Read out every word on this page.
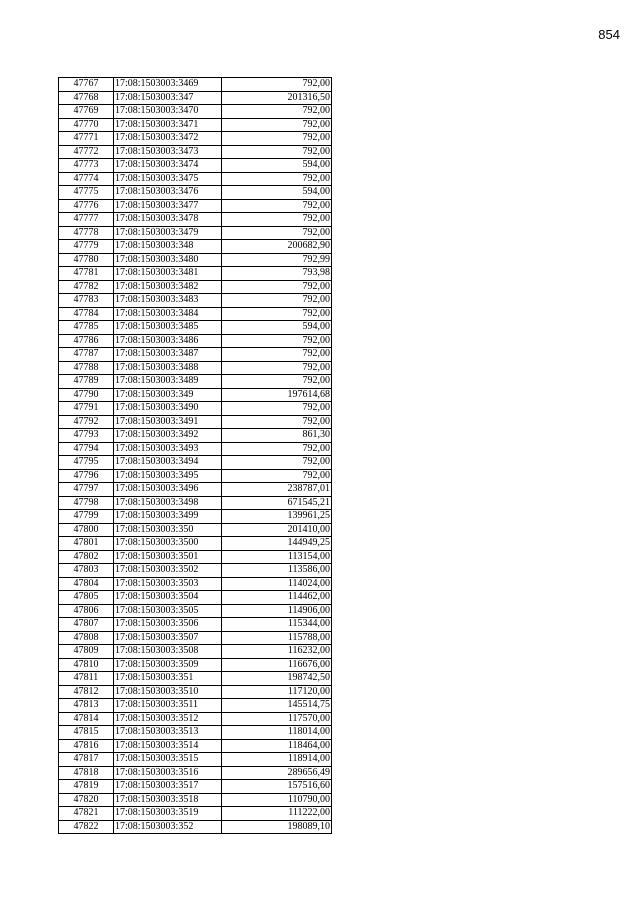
854
47767	17:08:1503003:3469	792,00
47768	17:08:1503003:347	201316,50
47769	17:08:1503003:3470	792,00
47770	17:08:1503003:3471	792,00
47771	17:08:1503003:3472	792,00
47772	17:08:1503003:3473	792,00
47773	17:08:1503003:3474	594,00
47774	17:08:1503003:3475	792,00
47775	17:08:1503003:3476	594,00
47776	17:08:1503003:3477	792,00
47777	17:08:1503003:3478	792,00
47778	17:08:1503003:3479	792,00
47779	17:08:1503003:348	200682,90
47780	17:08:1503003:3480	792,99
47781	17:08:1503003:3481	793,98
47782	17:08:1503003:3482	792,00
47783	17:08:1503003:3483	792,00
47784	17:08:1503003:3484	792,00
47785	17:08:1503003:3485	594,00
47786	17:08:1503003:3486	792,00
47787	17:08:1503003:3487	792,00
47788	17:08:1503003:3488	792,00
47789	17:08:1503003:3489	792,00
47790	17:08:1503003:349	197614,68
47791	17:08:1503003:3490	792,00
47792	17:08:1503003:3491	792,00
47793	17:08:1503003:3492	861,30
47794	17:08:1503003:3493	792,00
47795	17:08:1503003:3494	792,00
47796	17:08:1503003:3495	792,00
47797	17:08:1503003:3496	238787,01
47798	17:08:1503003:3498	671545,21
47799	17:08:1503003:3499	139961,25
47800	17:08:1503003:350	201410,00
47801	17:08:1503003:3500	144949,25
47802	17:08:1503003:3501	113154,00
47803	17:08:1503003:3502	113586,00
47804	17:08:1503003:3503	114024,00
47805	17:08:1503003:3504	114462,00
47806	17:08:1503003:3505	114906,00
47807	17:08:1503003:3506	115344,00
47808	17:08:1503003:3507	115788,00
47809	17:08:1503003:3508	116232,00
47810	17:08:1503003:3509	116676,00
47811	17:08:1503003:351	198742,50
47812	17:08:1503003:3510	117120,00
47813	17:08:1503003:3511	145514,75
47814	17:08:1503003:3512	117570,00
47815	17:08:1503003:3513	118014,00
47816	17:08:1503003:3514	118464,00
47817	17:08:1503003:3515	118914,00
47818	17:08:1503003:3516	289656,49
47819	17:08:1503003:3517	157516,60
47820	17:08:1503003:3518	110790,00
47821	17:08:1503003:3519	111222,00
47822	17:08:1503003:352	198089,10
